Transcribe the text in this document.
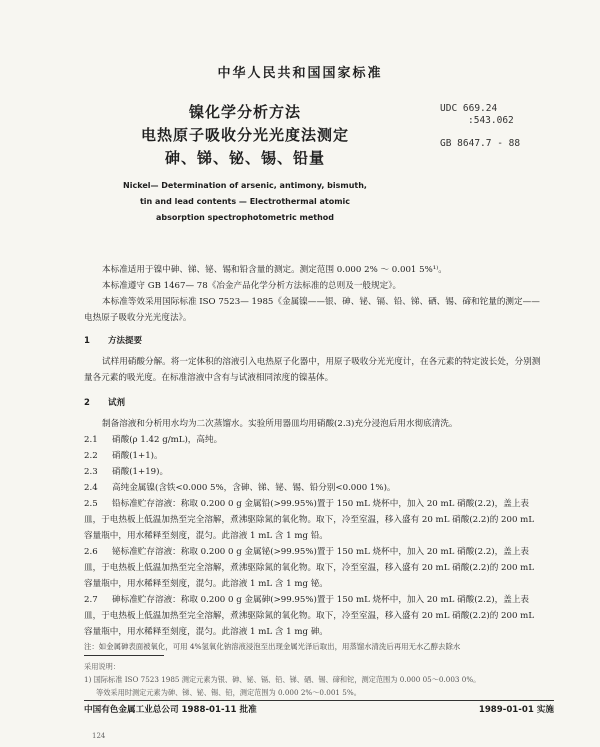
中华人民共和国国家标准
镍化学分析方法
电热原子吸收分光光度法测定
砷、锑、铋、锡、铅量
UDC 669.24
:543.062
GB 8647.7 - 88
Nickel— Determination of arsenic, antimony, bismuth,
tin and lead contents — Electrothermal atomic
absorption spectrophotometric method
本标准适用于镍中砷、锑、铋、锡和铅含量的测定。测定范围 0.000 2% ～ 0.001 5%¹⁾。
本标准遵守 GB 1467— 78《冶金产品化学分析方法标准的总则及一般规定》。
本标准等效采用国际标准 ISO 7523— 1985《金属镍——银、砷、铋、镉、铅、锑、硒、锡、碲和铊量的测定——电热原子吸收分光光度法》。
1 方法提要
试样用硝酸分解。将一定体积的溶液引入电热原子化器中，用原子吸收分光光度计，在各元素的特定波长处，分别测量各元素的吸光度。在标准溶液中含有与试液相同浓度的镍基体。
2 试剂
制备溶液和分析用水均为二次蒸馏水。实验所用器皿均用硝酸(2.3)充分浸泡后用水彻底清洗。
2.1 硝酸(ρ 1.42 g/mL)，高纯。
2.2 硝酸(1+1)。
2.3 硝酸(1+19)。
2.4 高纯金属镍(含铁<0.000 5%，含砷、锑、铋、锡、铅分别<0.000 1%)。
2.5 铅标准贮存溶液：称取 0.200 0 g 金属铅(>99.95%)置于 150 mL 烧杯中，加入 20 mL 硝酸(2.2)，盖上表皿，于电热板上低温加热至完全溶解，煮沸驱除氮的氧化物。取下，冷至室温，移入盛有 20 mL 硝酸(2.2)的 200 mL 容量瓶中，用水稀释至刻度，混匀。此溶液 1 mL 含 1 mg 铅。
2.6 铋标准贮存溶液：称取 0.200 0 g 金属铋(>99.95%)置于 150 mL 烧杯中，加入 20 mL 硝酸(2.2)，盖上表皿，于电热板上低温加热至完全溶解，煮沸驱除氮的氧化物。取下，冷至室温，移入盛有 20 mL 硝酸(2.2)的 200 mL 容量瓶中，用水稀释至刻度，混匀。此溶液 1 mL 含 1 mg 铋。
2.7 砷标准贮存溶液：称取 0.200 0 g 金属砷(>99.95%)置于 150 mL 烧杯中，加入 20 mL 硝酸(2.2)，盖上表皿，于电热板上低温加热至完全溶解，煮沸驱除氮的氧化物。取下，冷至室温，移入盛有 20 mL 硝酸(2.2)的 200 mL 容量瓶中，用水稀释至刻度，混匀。此溶液 1 mL 含 1 mg 砷。
注：如金属砷表面被氧化，可用 4%氢氧化钠溶液浸泡至出现金属光泽后取出，用蒸馏水清洗后再用无水乙醇去除水
采用说明：
1) 国际标准 ISO 7523 1985 测定元素为银、砷、铋、镉、铅、锑、硒、锡、碲和铊，测定范围为 0.000 05～0.003 0%。
等效采用时测定元素为砷、锑、铋、锡、铅，测定范围为 0.000 2%～0.001 5%。
中国有色金属工业总公司 1988-01-11 批准	1989-01-01 实施
124
